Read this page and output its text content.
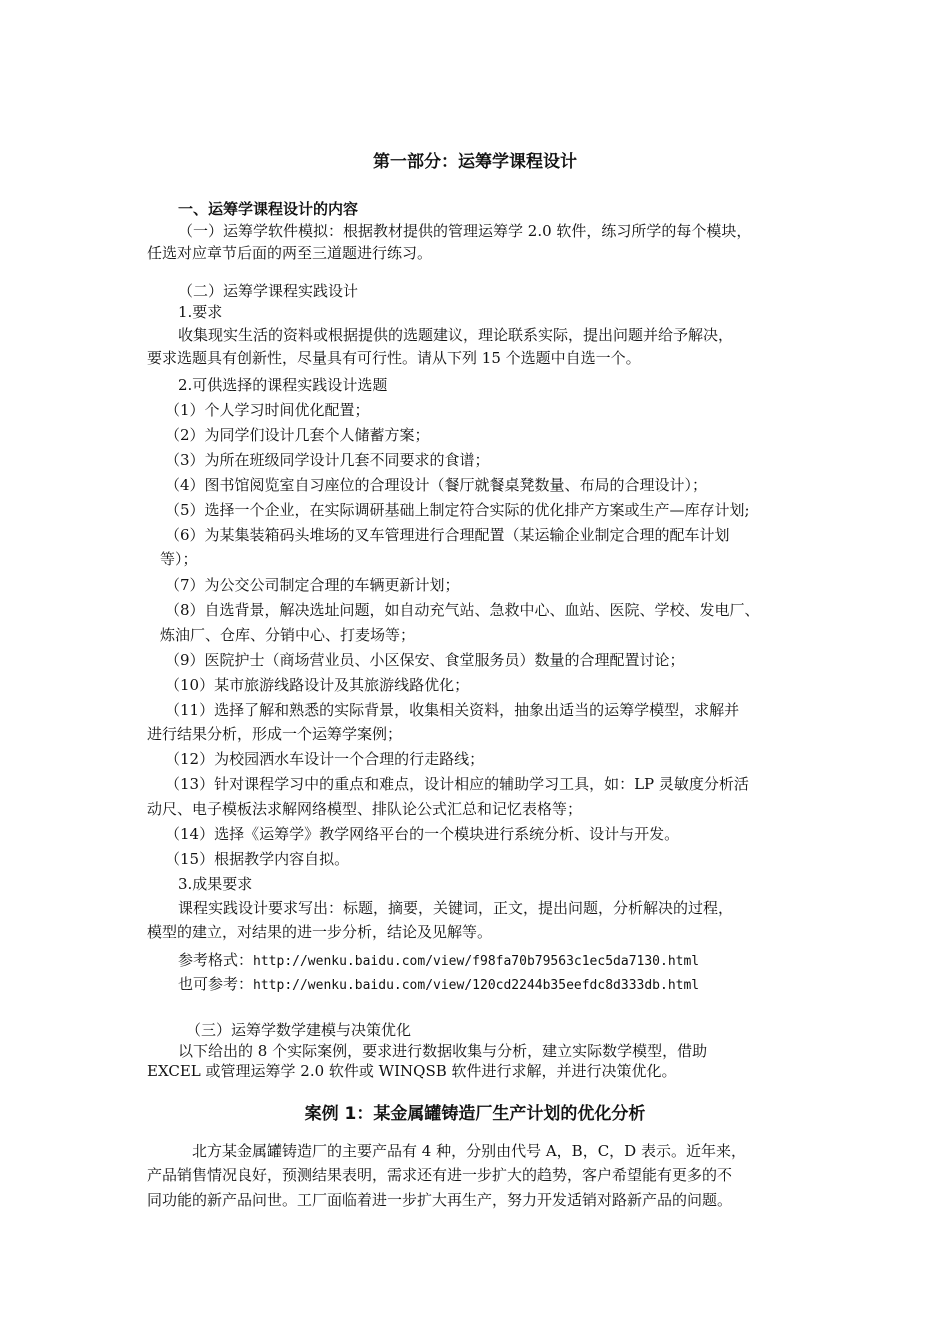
第一部分：运筹学课程设计
一、运筹学课程设计的内容
（一）运筹学软件模拟：根据教材提供的管理运筹学 2.0 软件，练习所学的每个模块，
任选对应章节后面的两至三道题进行练习。
（二）运筹学课程实践设计
1.要求
收集现实生活的资料或根据提供的选题建议，理论联系实际，提出问题并给予解决，
要求选题具有创新性，尽量具有可行性。请从下列 15 个选题中自选一个。
2.可供选择的课程实践设计选题
（1）个人学习时间优化配置；
（2）为同学们设计几套个人储蓄方案；
（3）为所在班级同学设计几套不同要求的食谱；
（4）图书馆阅览室自习座位的合理设计（餐厅就餐桌凳数量、布局的合理设计）；
（5）选择一个企业，在实际调研基础上制定符合实际的优化排产方案或生产—库存计划;
（6）为某集装箱码头堆场的叉车管理进行合理配置（某运输企业制定合理的配车计划
等）；
（7）为公交公司制定合理的车辆更新计划；
（8）自选背景，解决选址问题，如自动充气站、急救中心、血站、医院、学校、发电厂、
炼油厂、仓库、分销中心、打麦场等；
（9）医院护士（商场营业员、小区保安、食堂服务员）数量的合理配置讨论；
（10）某市旅游线路设计及其旅游线路优化；
（11）选择了解和熟悉的实际背景，收集相关资料，抽象出适当的运筹学模型，求解并
进行结果分析，形成一个运筹学案例；
（12）为校园洒水车设计一个合理的行走路线；
（13）针对课程学习中的重点和难点，设计相应的辅助学习工具，如：LP 灵敏度分析活
动尺、电子模板法求解网络模型、排队论公式汇总和记忆表格等；
（14）选择《运筹学》教学网络平台的一个模块进行系统分析、设计与开发。
（15）根据教学内容自拟。
3.成果要求
课程实践设计要求写出：标题，摘要，关键词，正文，提出问题，分析解决的过程，
模型的建立，对结果的进一步分析，结论及见解等。
参考格式：http://wenku.baidu.com/view/f98fa70b79563c1ec5da7130.html
也可参考：http://wenku.baidu.com/view/120cd2244b35eefdc8d333db.html
（三）运筹学数学建模与决策优化
以下给出的 8 个实际案例，要求进行数据收集与分析，建立实际数学模型，借助
EXCEL 或管理运筹学 2.0 软件或 WINQSB 软件进行求解，并进行决策优化。
案例 1：某金属罐铸造厂生产计划的优化分析
北方某金属罐铸造厂的主要产品有 4 种，分别由代号 A，B，C，D 表示。近年来，
产品销售情况良好，预测结果表明，需求还有进一步扩大的趋势，客户希望能有更多的不
同功能的新产品问世。工厂面临着进一步扩大再生产，努力开发适销对路新产品的问题。
